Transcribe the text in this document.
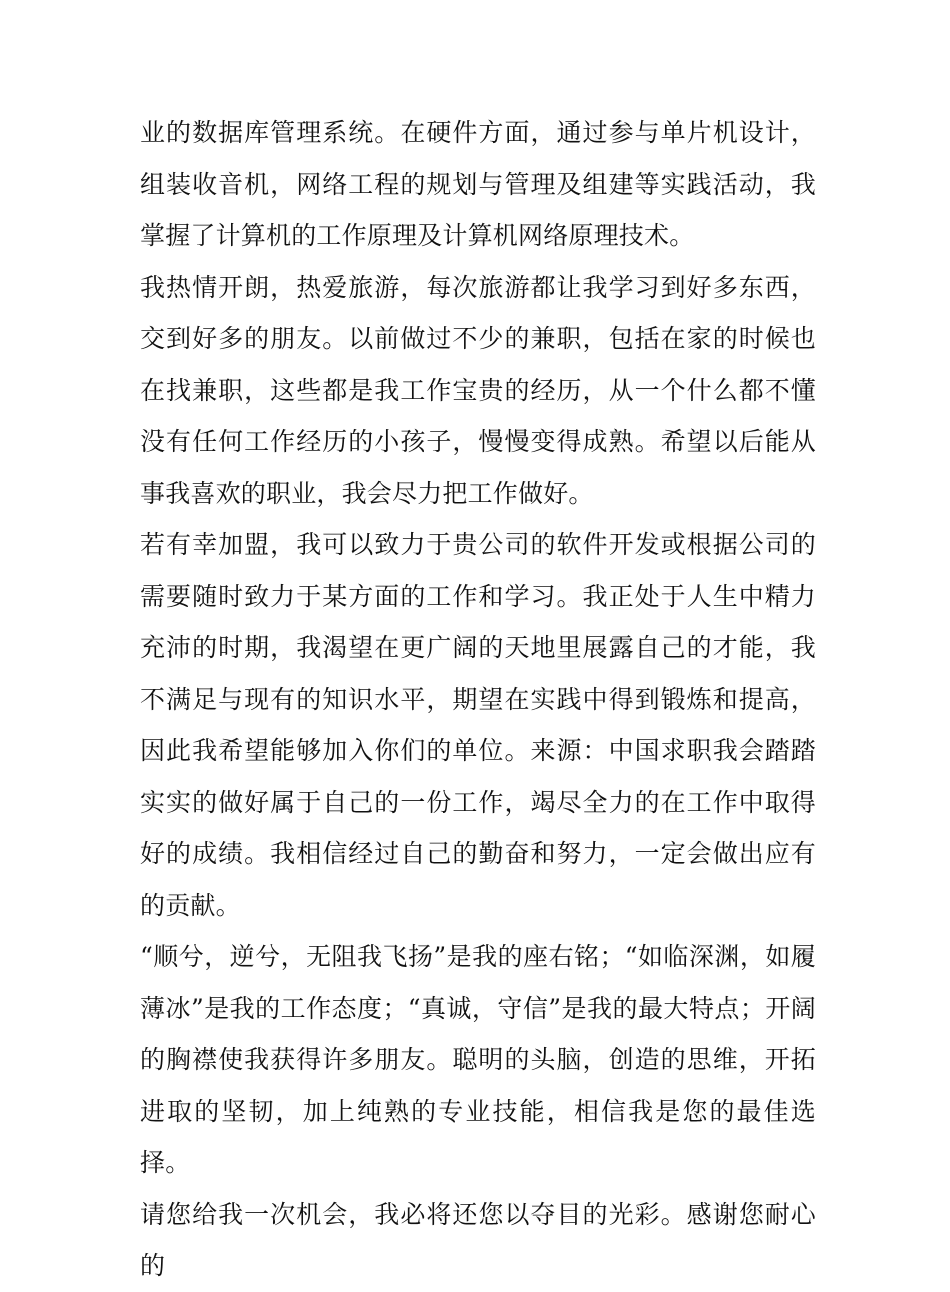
业的数据库管理系统。在硬件方面，通过参与单片机设计，组装收音机，网络工程的规划与管理及组建等实践活动，我掌握了计算机的工作原理及计算机网络原理技术。

我热情开朗，热爱旅游，每次旅游都让我学习到好多东西，交到好多的朋友。以前做过不少的兼职，包括在家的时候也在找兼职，这些都是我工作宝贵的经历，从一个什么都不懂没有任何工作经历的小孩子，慢慢变得成熟。希望以后能从事我喜欢的职业，我会尽力把工作做好。

若有幸加盟，我可以致力于贵公司的软件开发或根据公司的需要随时致力于某方面的工作和学习。我正处于人生中精力充沛的时期，我渴望在更广阔的天地里展露自己的才能，我不满足与现有的知识水平，期望在实践中得到锻炼和提高，因此我希望能够加入你们的单位。来源：中国求职我会踏踏实实的做好属于自己的一份工作，竭尽全力的在工作中取得好的成绩。我相信经过自己的勤奋和努力，一定会做出应有的贡献。

“顺兮，逆兮，无阻我飞扬”是我的座右铭；“如临深渊，如履薄冰”是我的工作态度；“真诚，守信”是我的最大特点；开阔的胸襟使我获得许多朋友。聪明的头脑，创造的思维，开拓进取的坚韧，加上纯熟的专业技能，相信我是您的最佳选择。

请您给我一次机会，我必将还您以夺目的光彩。感谢您耐心的
